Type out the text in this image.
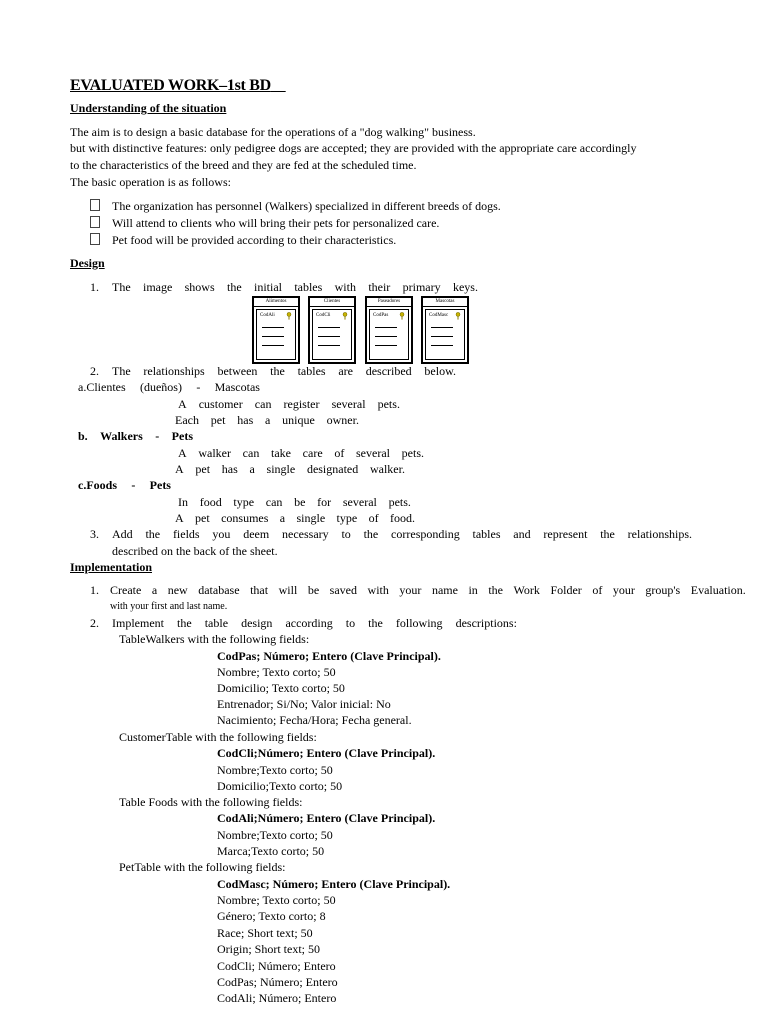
EVALUATED WORK–1st BD
Understanding of the situation
The aim is to design a basic database for the operations of a "dog walking" business.
but with distinctive features: only pedigree dogs are accepted; they are provided with the appropriate care accordingly
to the characteristics of the breed and they are fed at the scheduled time.
The basic operation is as follows:
The organization has personnel (Walkers) specialized in different breeds of dogs.
Will attend to clients who will bring their pets for personalized care.
Pet food will be provided according to their characteristics.
Design
1. The image shows the initial tables with their primary keys.
Alimentos
CodAli
Clientes
CodCli
Paseadores
CodPas
Mascotas
CodMasc
2. The relationships between the tables are described below.
a.Clientes (dueños) - Mascotas
A customer can register several pets.
Each pet has a unique owner.
b. Walkers - Pets
A walker can take care of several pets.
A pet has a single designated walker.
c.Foods - Pets
In food type can be for several pets.
A pet consumes a single type of food.
3. Add the fields you deem necessary to the corresponding tables and represent the relationships.
described on the back of the sheet.
Implementation
1. Create a new database that will be saved with your name in the Work Folder of your group's Evaluation.
with your first and last name.
2. Implement the table design according to the following descriptions:
TableWalkers with the following fields:
CodPas; Número; Entero (Clave Principal).
Nombre; Texto corto; 50
Domicilio; Texto corto; 50
Entrenador; Si/No; Valor inicial: No
Nacimiento; Fecha/Hora; Fecha general.
CustomerTable with the following fields:
CodCli;Número; Entero (Clave Principal).
Nombre;Texto corto; 50
Domicilio;Texto corto; 50
Table Foods with the following fields:
CodAli;Número; Entero (Clave Principal).
Nombre;Texto corto; 50
Marca;Texto corto; 50
PetTable with the following fields:
CodMasc; Número; Entero (Clave Principal).
Nombre; Texto corto; 50
Género; Texto corto; 8
Race; Short text; 50
Origin; Short text; 50
CodCli; Número; Entero
CodPas; Número; Entero
CodAli; Número; Entero
